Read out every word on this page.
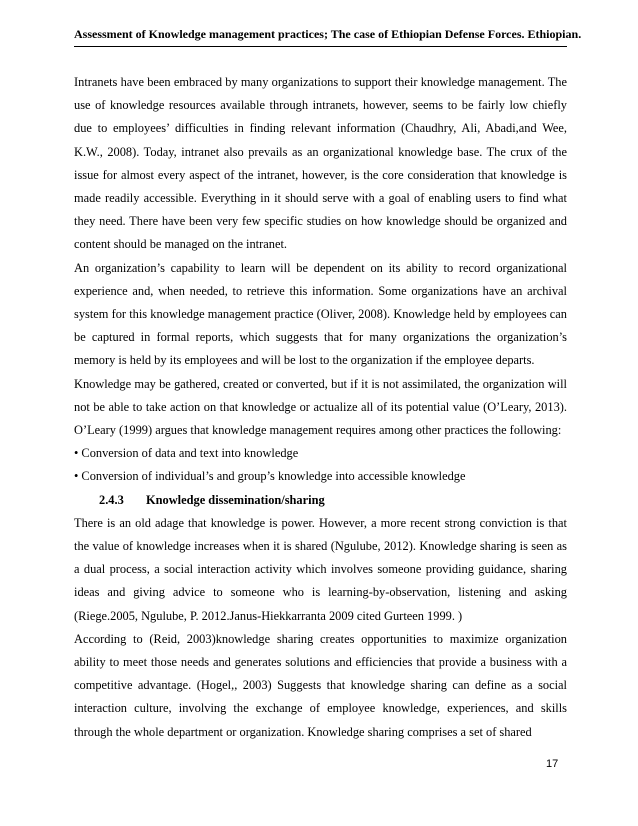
Assessment of Knowledge management practices; The case of Ethiopian Defense Forces. Ethiopian.

Intranets have been embraced by many organizations to support their knowledge management. The use of knowledge resources available through intranets, however, seems to be fairly low chiefly due to employees’ difficulties in finding relevant information (Chaudhry, Ali, Abadi,and Wee, K.W., 2008). Today, intranet also prevails as an organizational knowledge base. The crux of the issue for almost every aspect of the intranet, however, is the core consideration that knowledge is made readily accessible. Everything in it should serve with a goal of enabling users to find what they need. There have been very few specific studies on how knowledge should be organized and content should be managed on the intranet.

An organization’s capability to learn will be dependent on its ability to record organizational experience and, when needed, to retrieve this information. Some organizations have an archival system for this knowledge management practice (Oliver, 2008). Knowledge held by employees can be captured in formal reports, which suggests that for many organizations the organization’s memory is held by its employees and will be lost to the organization if the employee departs.

Knowledge may be gathered, created or converted, but if it is not assimilated, the organization will not be able to take action on that knowledge or actualize all of its potential value (O’Leary, 2013). O’Leary (1999) argues that knowledge management requires among other practices the following:

• Conversion of data and text into knowledge

• Conversion of individual’s and group’s knowledge into accessible knowledge

2.4.3 Knowledge dissemination/sharing

There is an old adage that knowledge is power. However, a more recent strong conviction is that the value of knowledge increases when it is shared (Ngulube, 2012). Knowledge sharing is seen as a dual process, a social interaction activity which involves someone providing guidance, sharing ideas and giving advice to someone who is learning-by-observation, listening and asking (Riege.2005, Ngulube, P. 2012.Janus-Hiekkarranta 2009 cited Gurteen 1999. )

According to (Reid, 2003)knowledge sharing creates opportunities to maximize organization ability to meet those needs and generates solutions and efficiencies that provide a business with a competitive advantage. (Hogel,, 2003) Suggests that knowledge sharing can define as a social interaction culture, involving the exchange of employee knowledge, experiences, and skills through the whole department or organization. Knowledge sharing comprises a set of shared

17
